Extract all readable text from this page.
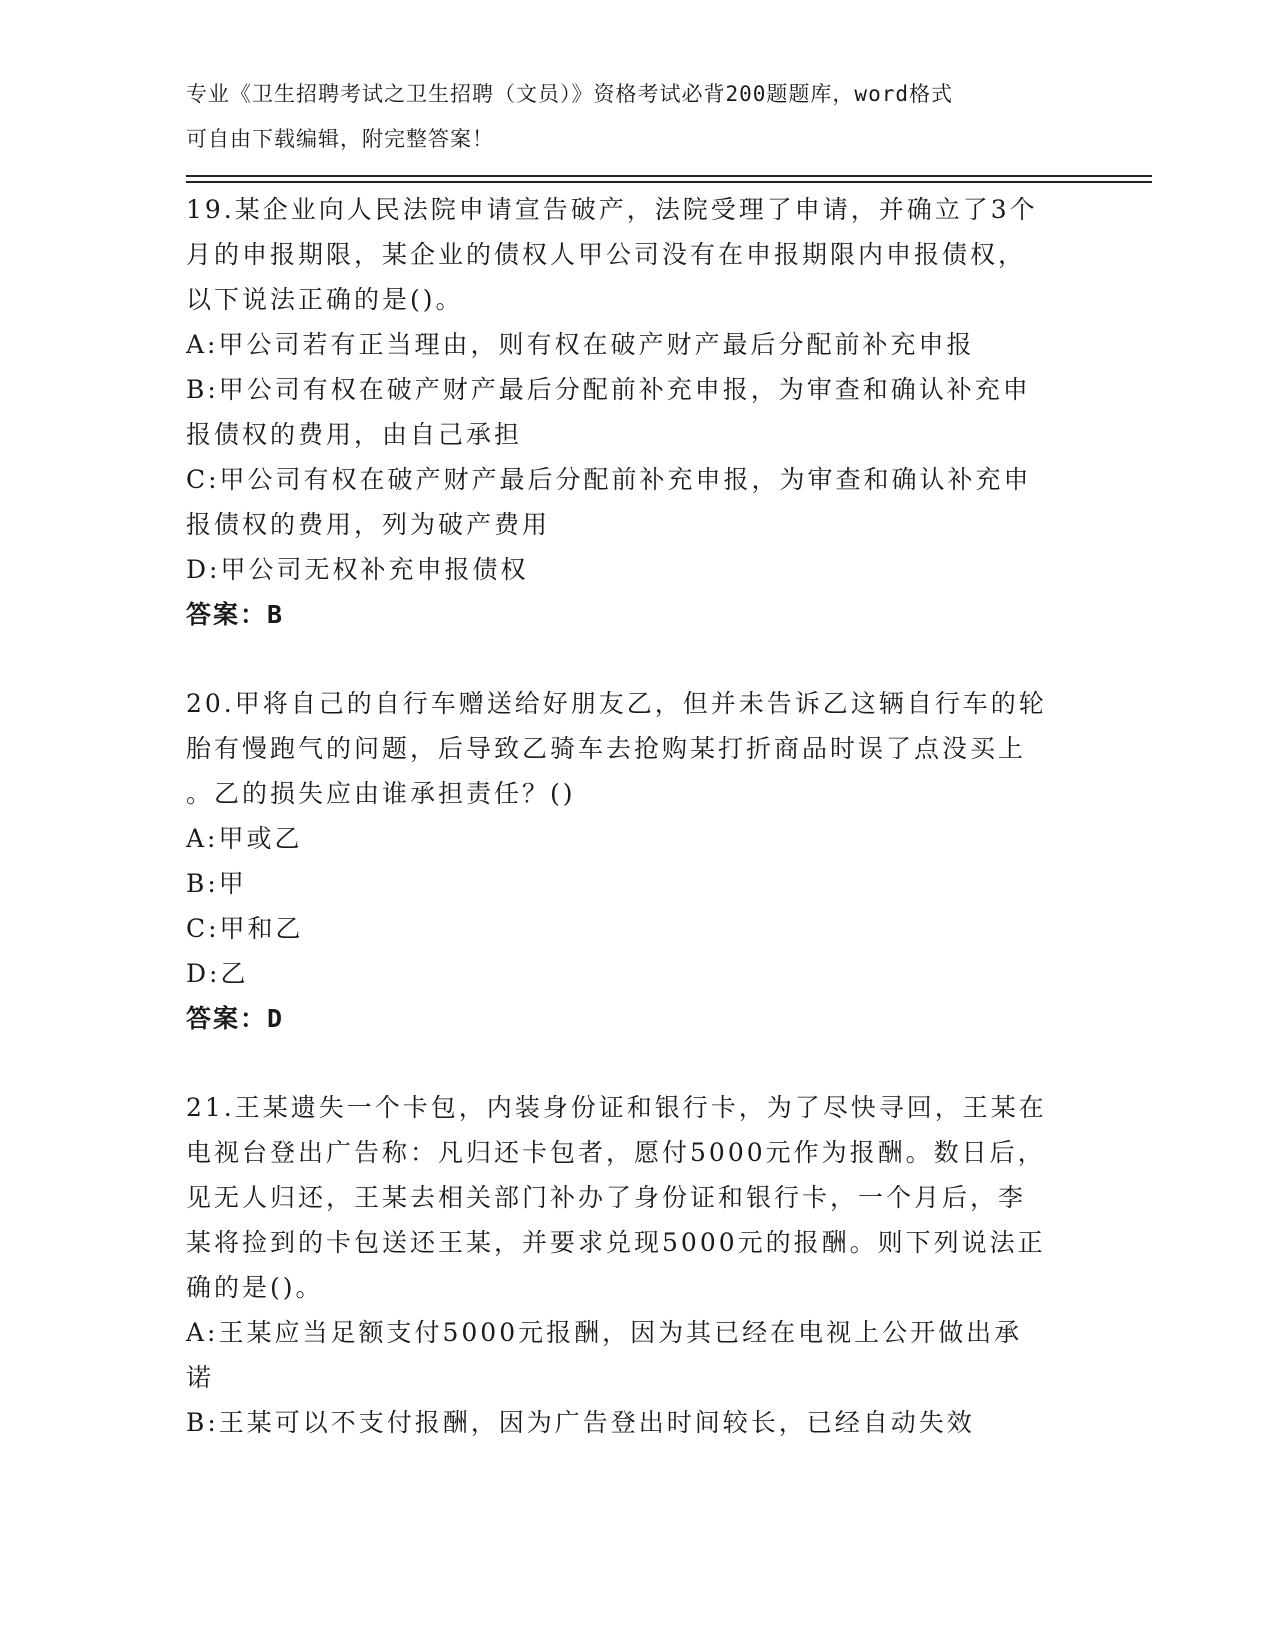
专业《卫生招聘考试之卫生招聘（文员）》资格考试必背200题题库，word格式
可自由下载编辑，附完整答案！
19.某企业向人民法院申请宣告破产，法院受理了申请，并确立了3个
月的申报期限，某企业的债权人甲公司没有在申报期限内申报债权，
以下说法正确的是()。
A:甲公司若有正当理由，则有权在破产财产最后分配前补充申报
B:甲公司有权在破产财产最后分配前补充申报，为审查和确认补充申
报债权的费用，由自己承担
C:甲公司有权在破产财产最后分配前补充申报，为审查和确认补充申
报债权的费用，列为破产费用
D:甲公司无权补充申报债权
答案：B
20.甲将自己的自行车赠送给好朋友乙，但并未告诉乙这辆自行车的轮
胎有慢跑气的问题，后导致乙骑车去抢购某打折商品时误了点没买上
。乙的损失应由谁承担责任？()
A:甲或乙
B:甲
C:甲和乙
D:乙
答案：D
21.王某遗失一个卡包，内装身份证和银行卡，为了尽快寻回，王某在
电视台登出广告称：凡归还卡包者，愿付5000元作为报酬。数日后，
见无人归还，王某去相关部门补办了身份证和银行卡，一个月后，李
某将捡到的卡包送还王某，并要求兑现5000元的报酬。则下列说法正
确的是()。
A:王某应当足额支付5000元报酬，因为其已经在电视上公开做出承
诺
B:王某可以不支付报酬，因为广告登出时间较长，已经自动失效
